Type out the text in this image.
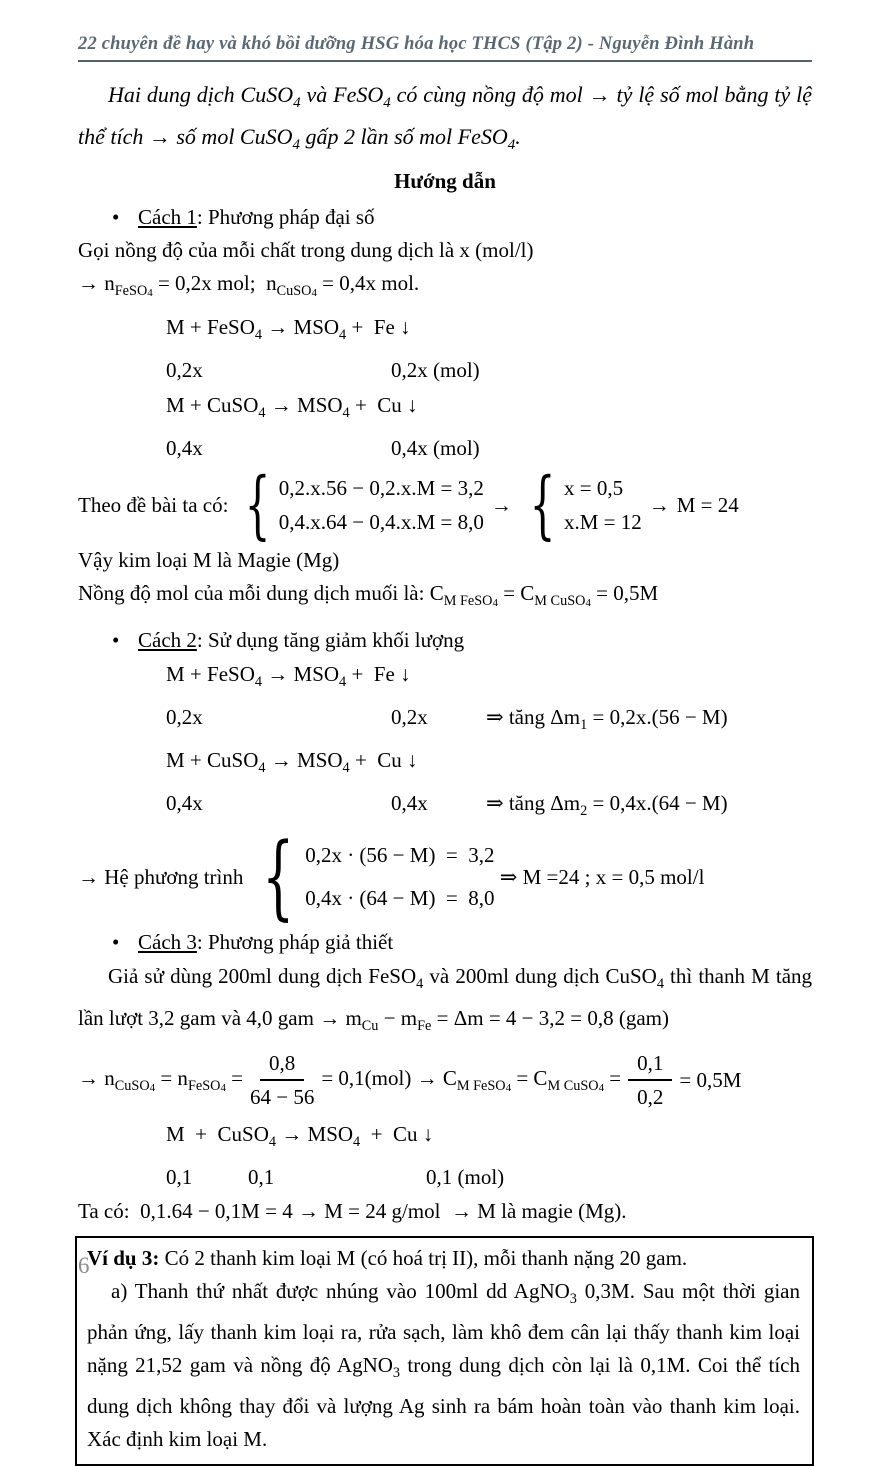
22 chuyên đề hay và khó bồi dưỡng HSG hóa học THCS (Tập 2) - Nguyễn Đình Hành
Hai dung dịch CuSO$_4$ và FeSO$_4$ có cùng nồng độ mol → tỷ lệ số mol bằng tỷ lệ thể tích → số mol CuSO$_4$ gấp 2 lần số mol FeSO$_4$.
Hướng dẫn
• Cách 1: Phương pháp đại số
Gọi nồng độ của mỗi chất trong dung dịch là x (mol/l)
→ $n_{FeSO4} = 0,2x$ mol;  $n_{CuSO4} = 0,4x$ mol.
M + FeSO$_4$ → $MSO_4 + Fe$ ↓
0,2x	0,2x (mol)
M + CuSO$_4$ → $MSO_4 + Cu$ ↓
0,4x	0,4x (mol)
Theo đề bài ta có: { 0,2.x.56 − 0,2.x.M = 3,2
0,4.x.64 − 0,4.x.M = 8,0
→ { x = 0,5
x.M = 12
→ M = 24
Vậy kim loại M là Magie (Mg)
Nồng độ mol của mỗi dung dịch muối là: $C_{M FeSO4} = C_{M CuSO4} = 0,5M$
• Cách 2: Sử dụng tăng giảm khối lượng
M + FeSO$_4$ → $MSO_4 + Fe$ ↓
0,2x	0,2x	⇒ tăng $\Delta m_1 = 0,2x.(56 - M)$
M + CuSO$_4$ → $MSO_4 + Cu$ ↓
0,4x	0,4x	⇒ tăng $\Delta m_2 = 0,4x.(64 - M)$
→ Hệ phương trình { 0,2x · (56 − M)  =  3,2
0,4x · (64 − M)  =  8,0
⇒ M =24 ; x = 0,5 mol/l
• Cách 3: Phương pháp giả thiết
Giả sử dùng 200ml dung dịch FeSO$_4$ và 200ml dung dịch CuSO$_4$ thì thanh M tăng lần lượt 3,2 gam và 4,0 gam → $m_{Cu} - m_{Fe} = \Delta m = 4 - 3,2 = 0,8$ (gam)
→ $n_{CuSO4} = n_{FeSO4} = \frac{0,8}{64 - 56} = 0,1(mol) \to C_{M FeSO4} = C_{M CuSO4} = \frac{0,1}{0,2} = 0,5M$
M  +  CuSO$_4$ → $MSO_4 + Cu$ ↓
0,1	0,1	0,1 (mol)
Ta có:  0,1.64 − 0,1M = 4 → M = 24 g/mol  → M là magie (Mg).
Ví dụ 3: Có 2 thanh kim loại M (có hoá trị II), mỗi thanh nặng 20 gam.
a) Thanh thứ nhất được nhúng vào 100ml dd AgNO$_3$ 0,3M. Sau một thời gian phản ứng, lấy thanh kim loại ra, rửa sạch, làm khô đem cân lại thấy thanh kim loại nặng 21,52 gam và nồng độ AgNO$_3$ trong dung dịch còn lại là 0,1M. Coi thể tích dung dịch không thay đổi và lượng Ag sinh ra bám hoàn toàn vào thanh kim loại. Xác định kim loại M.
6
